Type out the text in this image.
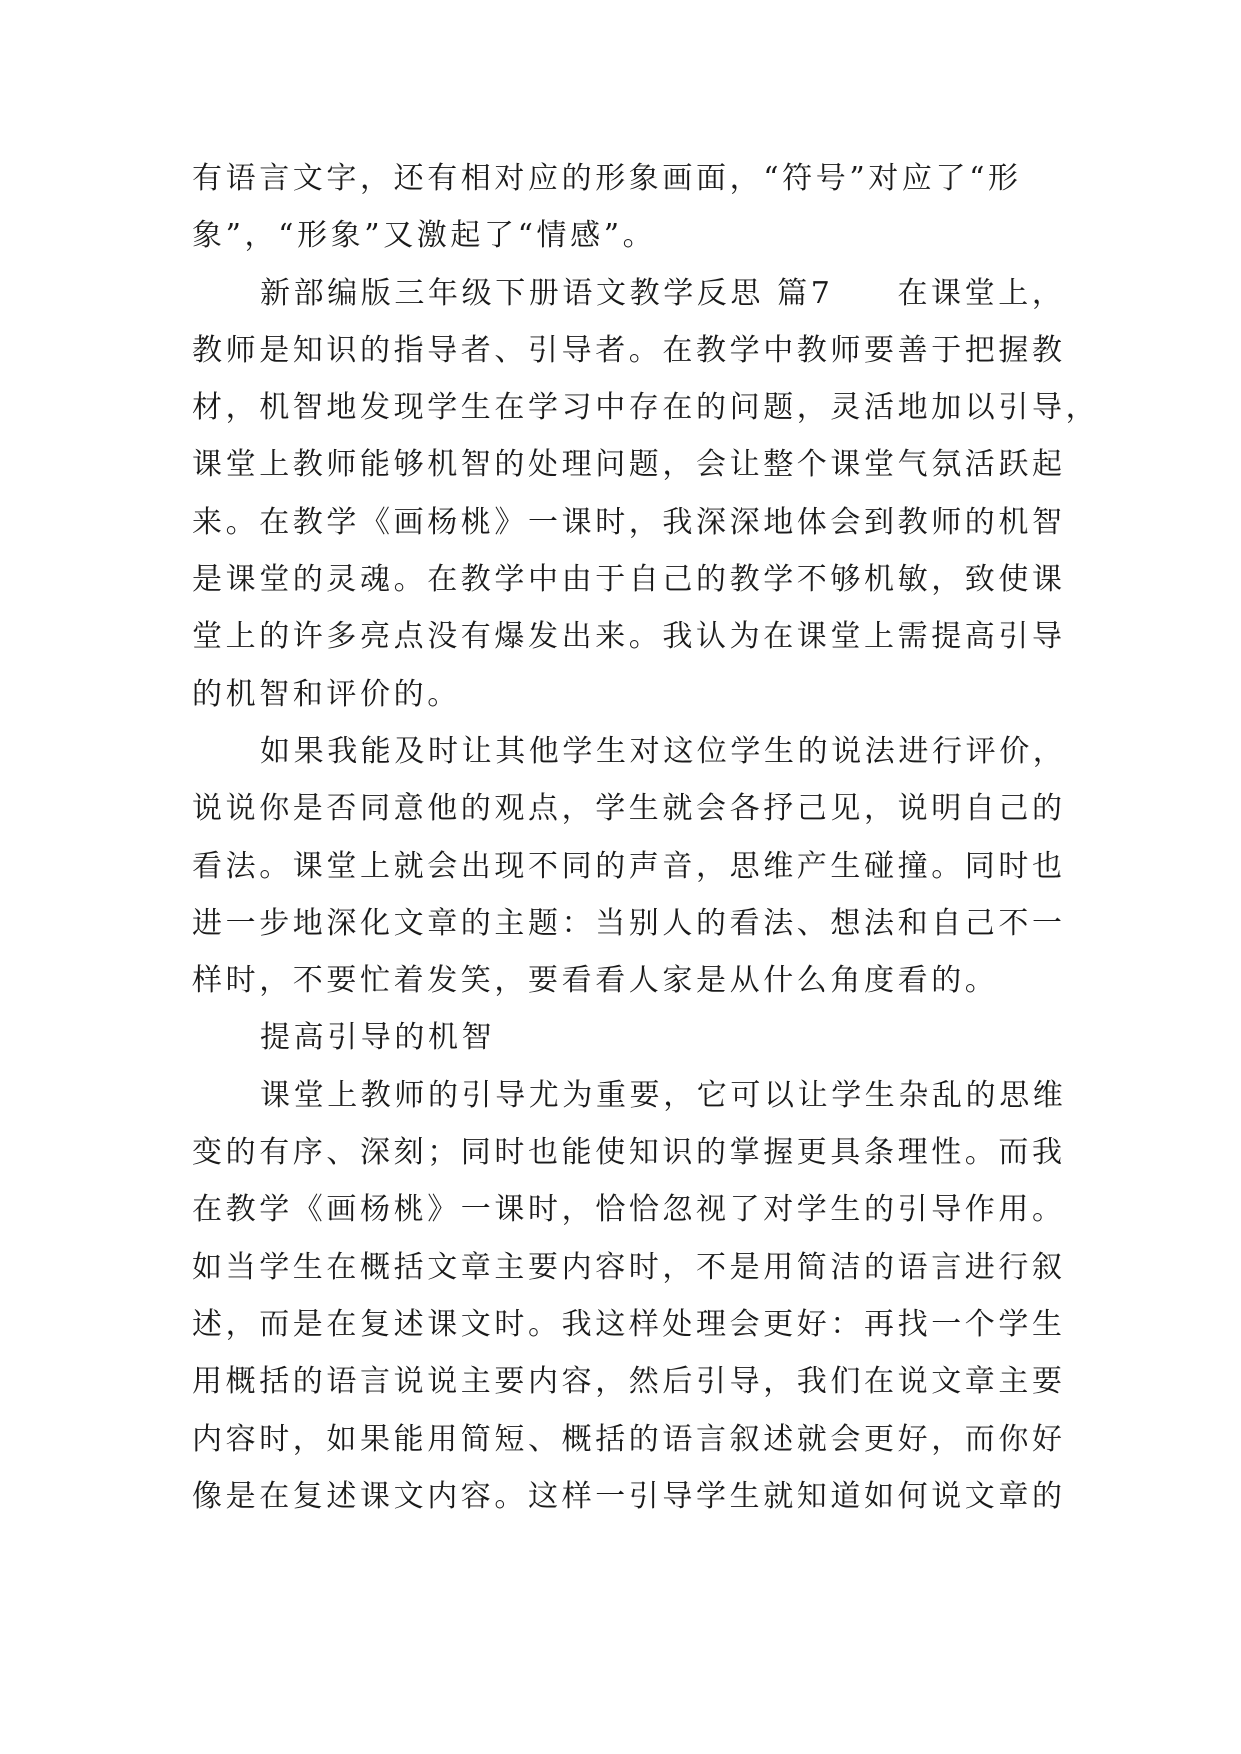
有语言文字，还有相对应的形象画面，“符号”对应了“形
象”，“形象”又激起了“情感”。
新部编版三年级下册语文教学反思 篇7 在课堂上，
教师是知识的指导者、引导者。在教学中教师要善于把握教
材，机智地发现学生在学习中存在的问题，灵活地加以引导，
课堂上教师能够机智的处理问题，会让整个课堂气氛活跃起
来。在教学《画杨桃》一课时，我深深地体会到教师的机智
是课堂的灵魂。在教学中由于自己的教学不够机敏，致使课
堂上的许多亮点没有爆发出来。我认为在课堂上需提高引导
的机智和评价的。
如果我能及时让其他学生对这位学生的说法进行评价，
说说你是否同意他的观点，学生就会各抒己见，说明自己的
看法。课堂上就会出现不同的声音，思维产生碰撞。同时也
进一步地深化文章的主题：当别人的看法、想法和自己不一
样时，不要忙着发笑，要看看人家是从什么角度看的。
提高引导的机智
课堂上教师的引导尤为重要，它可以让学生杂乱的思维
变的有序、深刻；同时也能使知识的掌握更具条理性。而我
在教学《画杨桃》一课时，恰恰忽视了对学生的引导作用。
如当学生在概括文章主要内容时，不是用简洁的语言进行叙
述，而是在复述课文时。我这样处理会更好：再找一个学生
用概括的语言说说主要内容，然后引导，我们在说文章主要
内容时，如果能用简短、概括的语言叙述就会更好，而你好
像是在复述课文内容。这样一引导学生就知道如何说文章的
